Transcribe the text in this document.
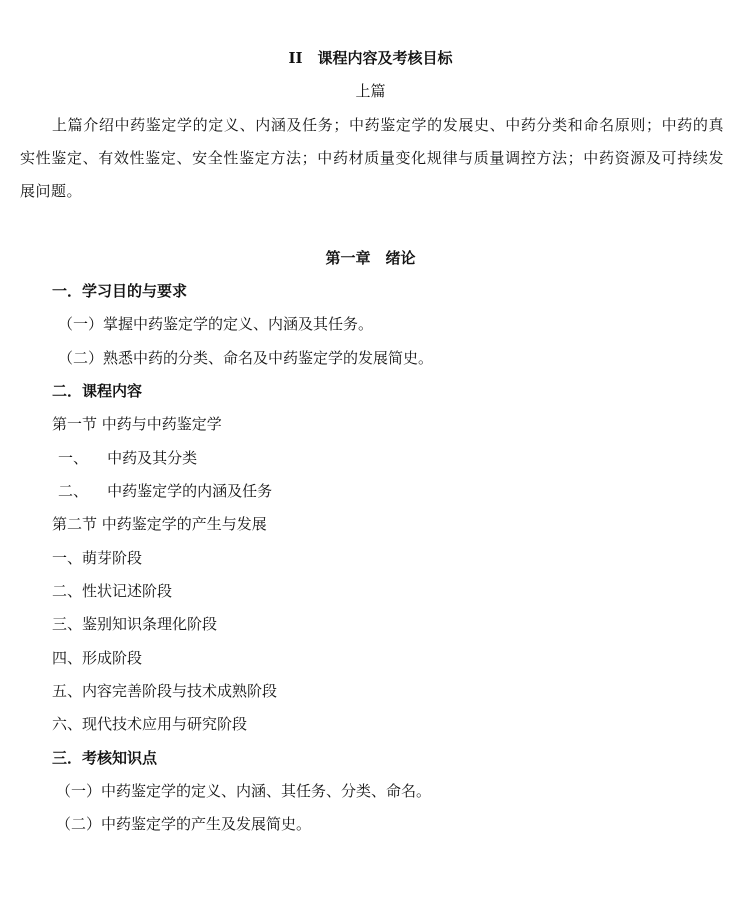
II　课程内容及考核目标
上篇
上篇介绍中药鉴定学的定义、内涵及任务；中药鉴定学的发展史、中药分类和命名原则；中药的真实性鉴定、有效性鉴定、安全性鉴定方法；中药材质量变化规律与质量调控方法；中药资源及可持续发展问题。
第一章　绪论
一．学习目的与要求
（一）掌握中药鉴定学的定义、内涵及其任务。
（二）熟悉中药的分类、命名及中药鉴定学的发展简史。
二．课程内容
第一节 中药与中药鉴定学
一、    中药及其分类
二、    中药鉴定学的内涵及任务
第二节 中药鉴定学的产生与发展
一、萌芽阶段
二、性状记述阶段
三、鉴别知识条理化阶段
四、形成阶段
五、内容完善阶段与技术成熟阶段
六、现代技术应用与研究阶段
三．考核知识点
（一）中药鉴定学的定义、内涵、其任务、分类、命名。
（二）中药鉴定学的产生及发展简史。
